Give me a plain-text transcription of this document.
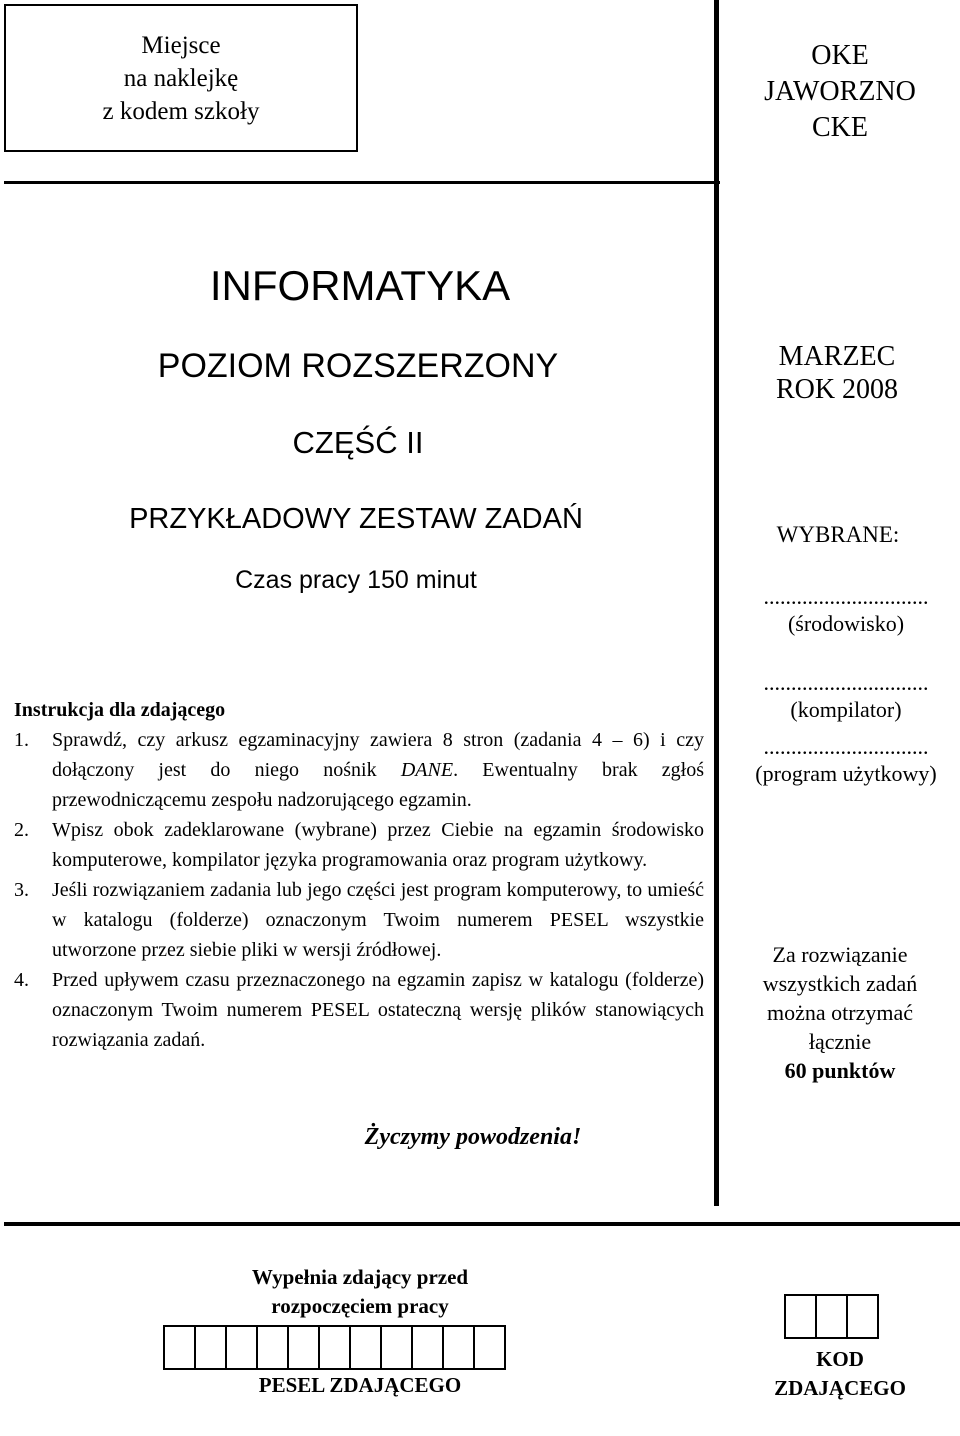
Miejsce
na naklejkę
z kodem szkoły
OKE
JAWORZNO
CKE
INFORMATYKA
POZIOM ROZSZERZONY
CZĘŚĆ II
PRZYKŁADOWY ZESTAW ZADAŃ
Czas pracy 150 minut
MARZEC
ROK 2008
WYBRANE:
..............................
(środowisko)
..............................
(kompilator)
..............................
(program użytkowy)
Instrukcja dla zdającego
1. Sprawdź, czy arkusz egzaminacyjny zawiera 8 stron (zadania 4 – 6) i czy dołączony jest do niego nośnik DANE. Ewentualny brak zgłoś przewodniczącemu zespołu nadzorującego egzamin.
2. Wpisz obok zadeklarowane (wybrane) przez Ciebie na egzamin środowisko komputerowe, kompilator języka programowania oraz program użytkowy.
3. Jeśli rozwiązaniem zadania lub jego części jest program komputerowy, to umieść w katalogu (folderze) oznaczonym Twoim numerem PESEL wszystkie utworzone przez siebie pliki w wersji źródłowej.
4. Przed upływem czasu przeznaczonego na egzamin zapisz w katalogu (folderze) oznaczonym Twoim numerem PESEL ostateczną wersję plików stanowiących rozwiązania zadań.
Za rozwiązanie
wszystkich zadań
można otrzymać
łącznie
60 punktów
Życzymy powodzenia!
Wypełnia zdający przed
rozpoczęciem pracy
PESEL ZDAJĄCEGO
KOD
ZDAJĄCEGO
